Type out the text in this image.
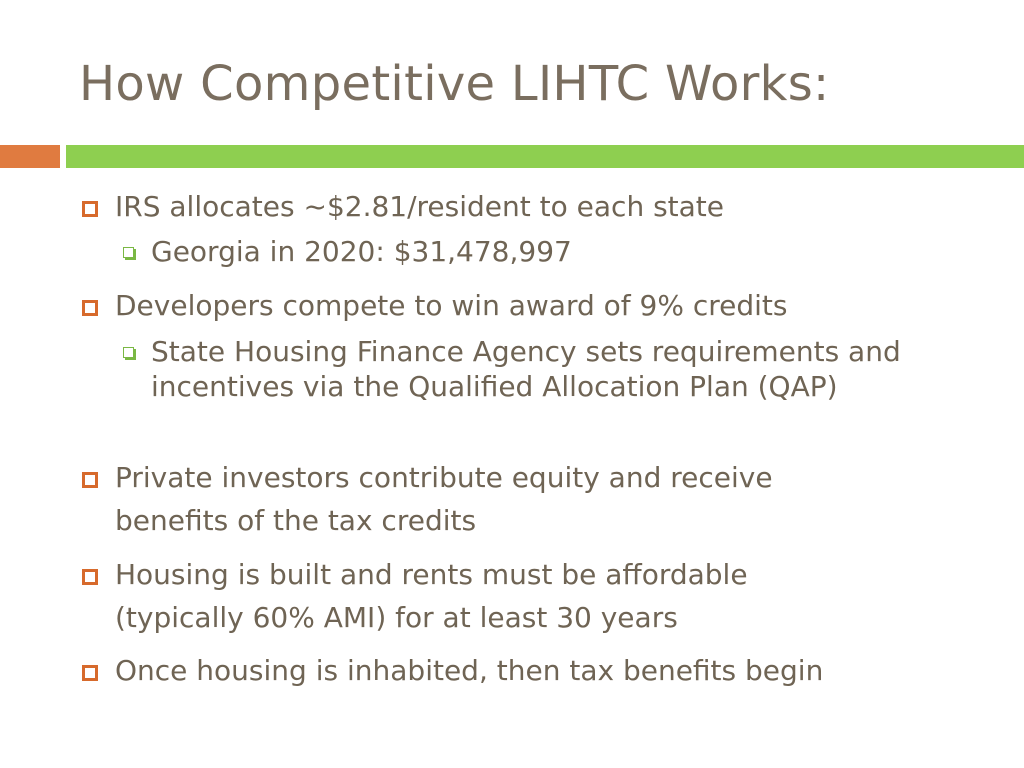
How Competitive LIHTC Works:
IRS allocates ~$2.81/resident to each state
Georgia in 2020: $31,478,997
Developers compete to win award of 9% credits
State Housing Finance Agency sets requirements and incentives via the Qualified Allocation Plan (QAP)
Private investors contribute equity and receive benefits of the tax credits
Housing is built and rents must be affordable (typically 60% AMI) for at least 30 years
Once housing is inhabited, then tax benefits begin
